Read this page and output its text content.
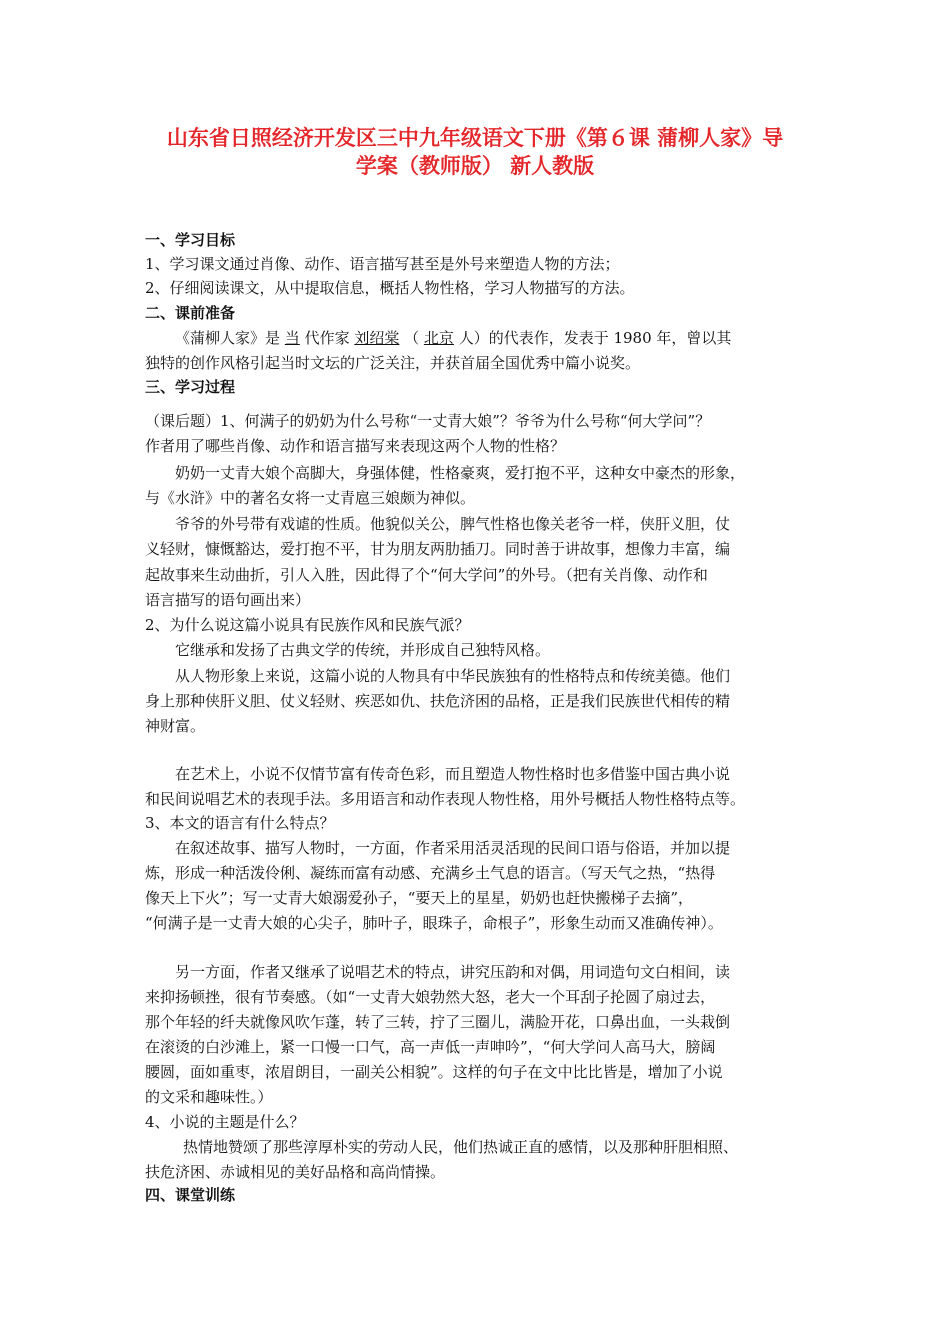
山东省日照经济开发区三中九年级语文下册《第６课 蒲柳人家》导
学案（教师版） 新人教版
一、学习目标
1、学习课文通过肖像、动作、语言描写甚至是外号来塑造人物的方法；
2、仔细阅读课文，从中提取信息，概括人物性格，学习人物描写的方法。
二、课前准备
《蒲柳人家》是 当 代作家 刘绍棠 （ 北京 人）的代表作，发表于 1980 年，曾以其
独特的创作风格引起当时文坛的广泛关注，并获首届全国优秀中篇小说奖。
三、学习过程
（课后题）1、何满子的奶奶为什么号称“一丈青大娘”？爷爷为什么号称“何大学问”？
作者用了哪些肖像、动作和语言描写来表现这两个人物的性格？
奶奶一丈青大娘个高脚大，身强体健，性格豪爽，爱打抱不平，这种女中豪杰的形象，
与《水浒》中的著名女将一丈青扈三娘颇为神似。
爷爷的外号带有戏谑的性质。他貌似关公，脾气性格也像关老爷一样，侠肝义胆，仗
义轻财，慷慨豁达，爱打抱不平，甘为朋友两肋插刀。同时善于讲故事，想像力丰富，编
起故事来生动曲折，引人入胜，因此得了个“何大学问”的外号。（把有关肖像、动作和
语言描写的语句画出来）
2、为什么说这篇小说具有民族作风和民族气派？
它继承和发扬了古典文学的传统，并形成自己独特风格。
从人物形象上来说，这篇小说的人物具有中华民族独有的性格特点和传统美德。他们
身上那种侠肝义胆、仗义轻财、疾恶如仇、扶危济困的品格，正是我们民族世代相传的精
神财富。
在艺术上，小说不仅情节富有传奇色彩，而且塑造人物性格时也多借鉴中国古典小说
和民间说唱艺术的表现手法。多用语言和动作表现人物性格，用外号概括人物性格特点等。
3、本文的语言有什么特点？
在叙述故事、描写人物时，一方面，作者采用活灵活现的民间口语与俗语，并加以提
炼，形成一种活泼伶俐、凝练而富有动感、充满乡土气息的语言。（写天气之热，“热得
像天上下火”；写一丈青大娘溺爱孙子，“要天上的星星，奶奶也赶快搬梯子去摘”，
“何满子是一丈青大娘的心尖子，肺叶子，眼珠子，命根子”，形象生动而又准确传神）。
另一方面，作者又继承了说唱艺术的特点，讲究压韵和对偶，用词造句文白相间，读
来抑扬顿挫，很有节奏感。（如“一丈青大娘勃然大怒，老大一个耳刮子抡圆了扇过去，
那个年轻的纤夫就像风吹乍蓬，转了三转，拧了三圈儿，满脸开花，口鼻出血，一头栽倒
在滚烫的白沙滩上，紧一口慢一口气，高一声低一声呻吟”，“何大学问人高马大，膀阔
腰圆，面如重枣，浓眉朗目，一副关公相貌”。这样的句子在文中比比皆是，增加了小说
的文采和趣味性。）
4、小说的主题是什么？
热情地赞颂了那些淳厚朴实的劳动人民，他们热诚正直的感情，以及那种肝胆相照、
扶危济困、赤诚相见的美好品格和高尚情操。
四、课堂训练
